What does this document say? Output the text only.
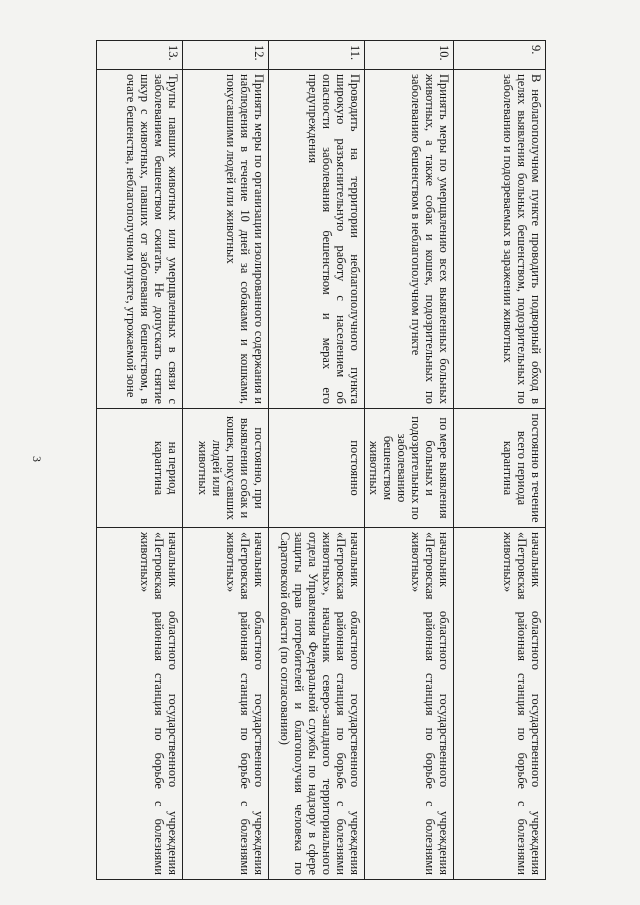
3
9.	В неблагополучном пункте проводить подворный обход в целях выявления больных бешенством, подозрительных по заболеванию и подозреваемых в заражении животных	постоянно в течение всего периода карантина	начальник областного государственного учреждения «Петровская районная станция по борьбе с болезнями животных»
10.	Принять меры по умерщвлению всех выявленных больных животных, а также собак и кошек, подозрительных по заболеванию бешенством в неблагополучном пункте	по мере выявления больных и подозрительных по заболеванию бешенством животных	начальник областного государственного учреждения «Петровская районная станция по борьбе с болезнями животных»
11.	Проводить на территории неблагополучного пункта широкую разъяснительную работу с населением об опасности заболевания бешенством и мерах его предупреждения	постоянно	начальник областного государственного учреждения «Петровская районная станция по борьбе с болезнями животных», начальник северо-западного территориального отдела Управления Федеральной службы по надзору в сфере защиты прав потребителей и благополучия человека по Саратовской области (по согласованию)
12.	Принять меры по организации изолированного содержания и наблюдения в течение 10 дней за собаками и кошками, покусавшими людей или животных	постоянно, при выявлении собак и кошек, покусавших людей или животных	начальник областного государственного учреждения «Петровская районная станция по борьбе с болезнями животных»
13.	Трупы павших животных или умерщвленных в связи с заболеванием бешенством сжигать. Не допускать снятие шкур с животных, павших от заболевания бешенством, в очаге бешенства, неблагополучном пункте, угрожаемой зоне	на период карантина	начальник областного государственного учреждения «Петровская районная станция по борьбе с болезнями животных»
